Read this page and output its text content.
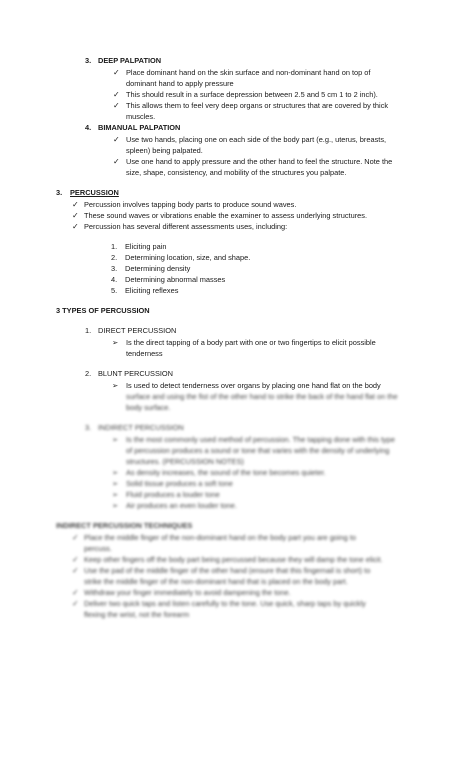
3. DEEP PALPATION
✓ Place dominant hand on the skin surface and non-dominant hand on top of
dominant hand to apply pressure
✓ This should result in a surface depression between 2.5 and 5 cm 1 to 2 inch).
✓ This allows them to feel very deep organs or structures that are covered by thick
muscles.
4. BIMANUAL PALPATION
✓ Use two hands, placing one on each side of the body part (e.g., uterus, breasts,
spleen) being palpated.
✓ Use one hand to apply pressure and the other hand to feel the structure. Note the
size, shape, consistency, and mobility of the structures you palpate.
3. PERCUSSION
✓ Percussion involves tapping body parts to produce sound waves.
✓ These sound waves or vibrations enable the examiner to assess underlying structures.
✓ Percussion has several different assessments uses, including:
1. Eliciting pain
2. Determining location, size, and shape.
3. Determining density
4. Determining abnormal masses
5. Eliciting reflexes
3 TYPES OF PERCUSSION
1. DIRECT PERCUSSION
➢ Is the direct tapping of a body part with one or two fingertips to elicit possible
tenderness
2. BLUNT PERCUSSION
➢ Is used to detect tenderness over organs by placing one hand flat on the body
surface and using the fist of the other hand to strike the back of the hand flat on the
body surface.
3. INDIRECT PERCUSSION
➢ Is the most commonly used method of percussion. The tapping done with this type
of percussion produces a sound or tone that varies with the density of underlying
structures. (PERCUSSION NOTES)
➢ As density increases, the sound of the tone becomes quieter.
➢ Solid tissue produces a soft tone
➢ Fluid produces a louder tone
➢ Air produces an even louder tone.
INDIRECT PERCUSSION TECHNIQUES
✓ Place the middle finger of the non-dominant hand on the body part you are going to
percuss.
✓ Keep other fingers off the body part being percussed because they will damp the tone elicit.
✓ Use the pad of the middle finger of the other hand (ensure that this fingernail is short) to
strike the middle finger of the non-dominant hand that is placed on the body part.
✓ Withdraw your finger immediately to avoid dampening the tone.
✓ Deliver two quick taps and listen carefully to the tone. Use quick, sharp taps by quickly
flexing the wrist, not the forearm
